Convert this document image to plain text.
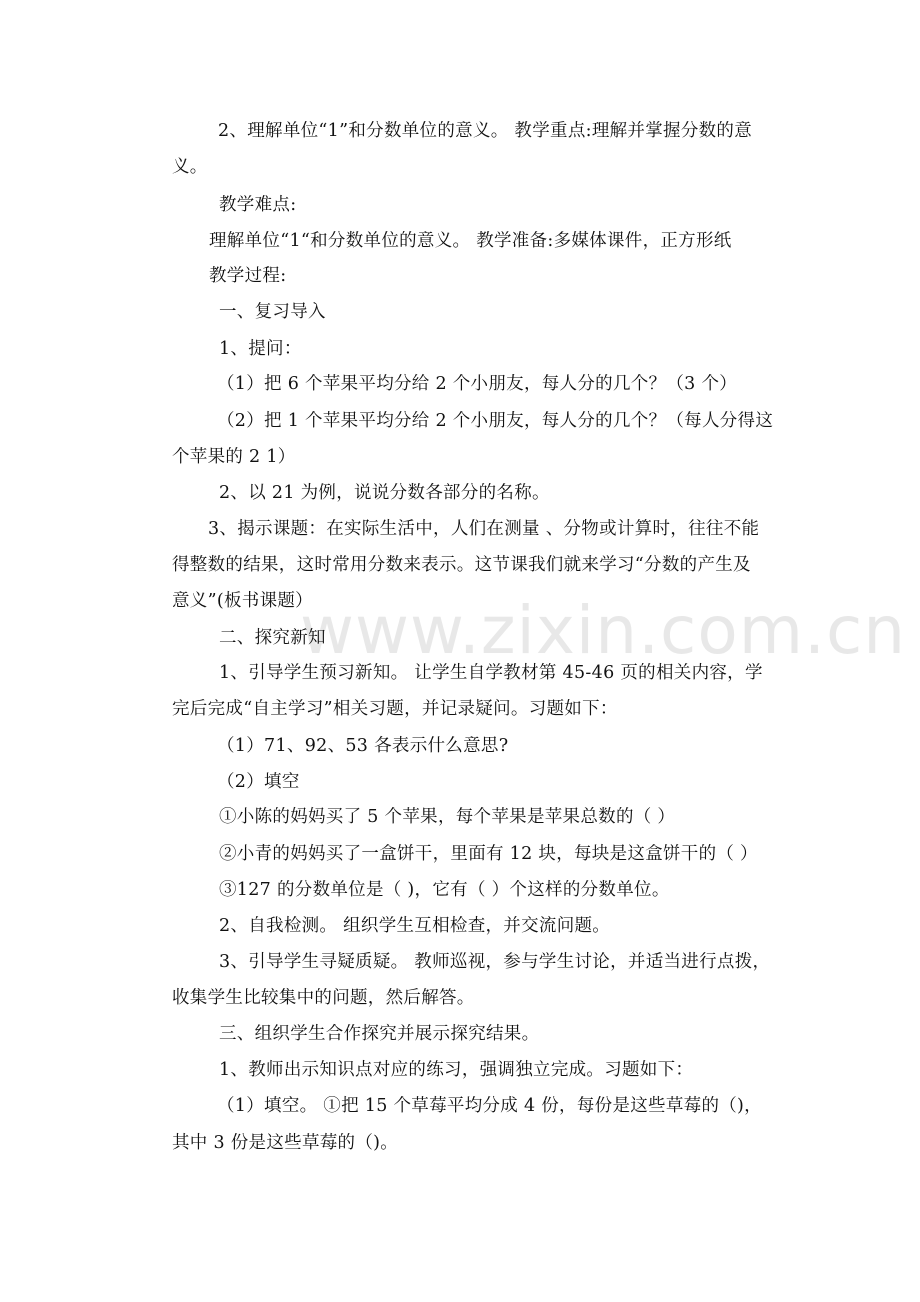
www.zixin.com.cn
2、理解单位“1”和分数单位的意义。 教学重点:理解并掌握分数的意
义。
教学难点:
理解单位“1“和分数单位的意义。 教学准备:多媒体课件，正方形纸
教学过程:
一、复习导入
1、提问：
（1）把 6 个苹果平均分给 2 个小朋友，每人分的几个？（3 个）
（2）把 1 个苹果平均分给 2 个小朋友，每人分的几个？（每人分得这
个苹果的 2 1）
2、以 21 为例，说说分数各部分的名称。
3、揭示课题：在实际生活中，人们在测量 、分物或计算时，往往不能
得整数的结果，这时常用分数来表示。这节课我们就来学习“分数的产生及
意义”(板书课题）
二、探究新知
1、引导学生预习新知。 让学生自学教材第 45-46 页的相关内容，学
完后完成“自主学习”相关习题，并记录疑问。习题如下：
（1）71、92、53 各表示什么意思?
（2）填空
①小陈的妈妈买了 5 个苹果，每个苹果是苹果总数的（ ）
②小青的妈妈买了一盒饼干，里面有 12 块，每块是这盒饼干的（ ）
③127 的分数单位是（ )，它有（ ）个这样的分数单位。
2、自我检测。 组织学生互相检查，并交流问题。
3、引导学生寻疑质疑。 教师巡视，参与学生讨论，并适当进行点拨，
收集学生比较集中的问题，然后解答。
三、组织学生合作探究并展示探究结果。
1、教师出示知识点对应的练习，强调独立完成。习题如下：
（1）填空。 ①把 15 个草莓平均分成 4 份，每份是这些草莓的（)，
其中 3 份是这些草莓的（)。
